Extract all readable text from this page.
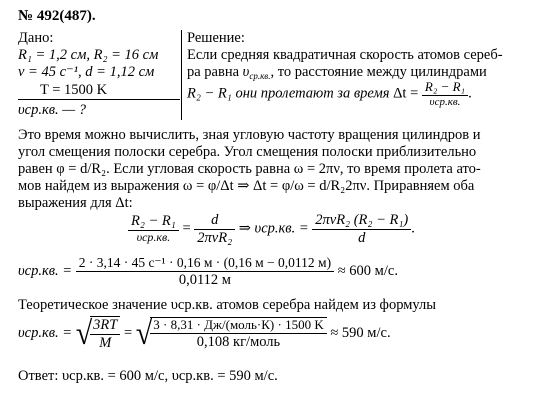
№ 492(487).
Дано:
R₁ = 1,2 см, R₂ = 16 см
ν = 45 с⁻¹, d = 1,12 см
T = 1500 K
υср.кв. — ?
Решение:
Если средняя квадратичная скорость атомов сереб-
ра равна $\upsilon_{ср.кв.}$, то расстояние между цилиндрами
R₂ − R₁ они пролетают за время $\Delta t = \frac{\text{R₂ − R₁}}{\text{υср.кв.}}$ .
Это время можно вычислить, зная угловую частоту вращения цилиндров и
угол смещения полоски серебра. Угол смещения полоски приблизительно
равен φ = d/R₂. Если угловая скорость равна ω = 2πν, то время пролета ато-
мов найдем из выражения ω = φ/Δt ⇒ Δt = φ/ω = d/R₂2πν. Приравняем оба
выражения для Δt:
$\frac{\text{R₂ − R₁}}{\text{υср.кв.}} = \frac{d}{\text{2πνR₂}}$ ⇒ υср.кв. = $\frac{\text{2πνR₂ (R₂ − R₁)}}{d}$ .
υср.кв. = $\frac{\text{2 · 3,14 · 45 с⁻¹ · 0,16 м · (0,16 м − 0,0112 м)}}{0,0112 м} \approx 600$ м/с.
Теоретическое значение υср.кв. атомов серебра найдем из формулы
υср.кв. = √
$\frac{3RT}{M}$ = √
$\frac{\text{3 · 8,31 · Дж/(моль·К) · 1500 K}}{\text{0,108 кг/моль}} \approx 590$ м/с.
Ответ: υср.кв. = 600 м/с, υср.кв. = 590 м/с.
